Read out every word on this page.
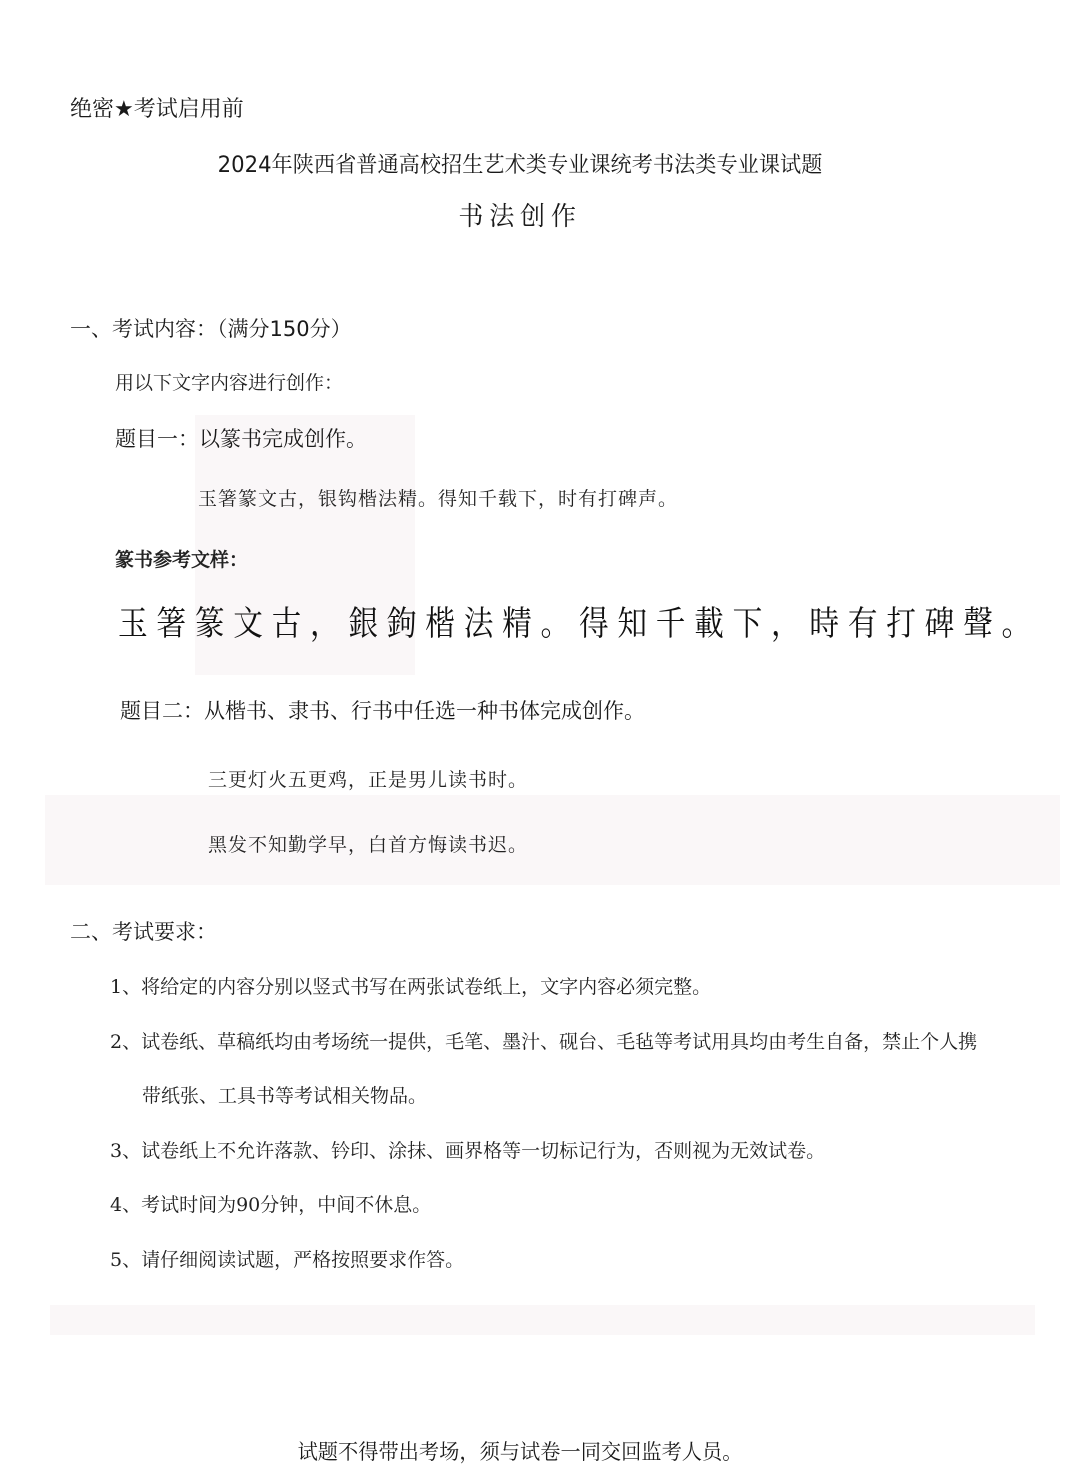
绝密★考试启用前
2024年陕西省普通高校招生艺术类专业课统考书法类专业课试题
书法创作
一、考试内容：（满分150分）
用以下文字内容进行创作：
题目一：以篆书完成创作。
玉箸篆文古，银钩楷法精。得知千载下，时有打碑声。
篆书参考文样：
玉箸篆文古，銀鉤楷法精。得知千載下，時有打碑聲。
题目二：从楷书、隶书、行书中任选一种书体完成创作。
三更灯火五更鸡，正是男儿读书时。
黑发不知勤学早，白首方悔读书迟。
二、考试要求：
1、将给定的内容分别以竖式书写在两张试卷纸上，文字内容必须完整。
2、试卷纸、草稿纸均由考场统一提供，毛笔、墨汁、砚台、毛毡等考试用具均由考生自备，禁止个人携
带纸张、工具书等考试相关物品。
3、试卷纸上不允许落款、钤印、涂抹、画界格等一切标记行为，否则视为无效试卷。
4、考试时间为90分钟，中间不休息。
5、请仔细阅读试题，严格按照要求作答。
试题不得带出考场，须与试卷一同交回监考人员。
